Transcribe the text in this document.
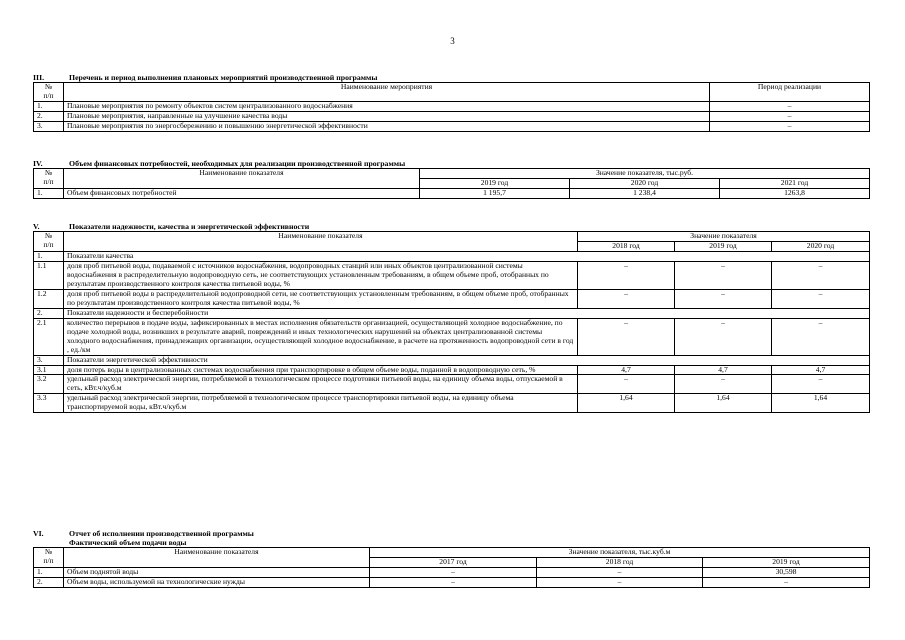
3
III.	Перечень и период выполнения плановых мероприятий производственной программы
№
п/п	Наименование мероприятия	Период реализации
1.	Плановые мероприятия по ремонту объектов систем централизованного водоснабжения	–
2.	Плановые мероприятия, направленные на улучшение качества воды	–
3.	Плановые мероприятия по энергосбережению и повышению энергетической эффективности	–
IV.	Объем финансовых потребностей, необходимых для реализации производственной программы
№
п/п	Наименование показателя	Значение показателя, тыс.руб.		
		2019 год	2020 год	2021 год
1.	Объем финансовых потребностей	1 195,7	1 238,4	1263,8
V.	Показатели надежности, качества и энергетической эффективности
№
п/п	Наименование показателя	Значение показателя		
		2018 год	2019 год	2020 год
1.	Показатели качества			
1.1	доля проб питьевой воды, подаваемой с источников водоснабжения, водопроводных станций или иных объектов централизованной системы водоснабжения в распределительную водопроводную сеть, не соответствующих установленным требованиям, в общем объеме проб, отобранных по результатам производственного контроля качества питьевой воды, %	–	–	–
1.2	доля проб питьевой воды в распределительной водопроводной сети, не соответствующих установленным требованиям, в общем объеме проб, отобранных по результатам производственного контроля качества питьевой воды, %	–	–	–
2.	Показатели надежности и бесперебойности			
2.1	количество перерывов в подаче воды, зафиксированных в местах исполнения обязательств организацией, осуществляющей холодное водоснабжение, по подаче холодной воды, возникших в результате аварий, повреждений и иных технологических нарушений на объектах централизованной системы холодного водоснабжения, принадлежащих организации, осуществляющей холодное водоснабжение, в расчете на протяженность водопроводной сети в год , ед./км	–	–	–
3.	Показатели энергетической эффективности			
3.1	доля потерь воды в централизованных системах водоснабжения при транспортировке в общем объеме воды, поданной в водопроводную сеть, %	4,7	4,7	4,7
3.2	удельный расход электрической энергии, потребляемой в технологическом процессе подготовки питьевой воды, на единицу объема воды, отпускаемой в сеть, кВт.ч/куб.м	–	–	–
3.3	удельный расход электрической энергии, потребляемой в технологическом процессе транспортировки питьевой воды, на единицу объема транспортируемой воды, кВт.ч/куб.м	1,64	1,64	1,64
VI.	Отчет об исполнении производственной программы
Фактический объем подачи воды
№
п/п	Наименование показателя	Значение показателя, тыс.куб.м		
		2017 год	2018 год	2019 год
1.	Объем поднятой воды	–	–	30,598
2.	Объем воды, используемой на технологические нужды	–	–	–
